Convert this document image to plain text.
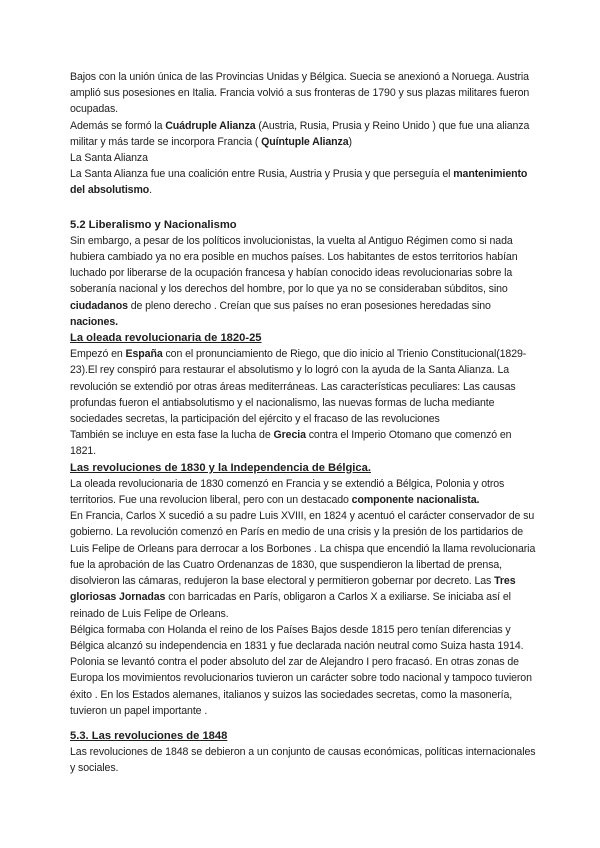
Bajos con la unión única de las Provincias Unidas y Bélgica. Suecia se anexionó a Noruega. Austria amplió sus posesiones en Italia. Francia volvió a sus fronteras de 1790 y sus plazas militares fueron ocupadas.

Además se formó la Cuádruple Alianza (Austria, Rusia, Prusia y Reino Unido ) que fue una alianza militar y más tarde se incorpora Francia ( Quíntuple Alianza)

La Santa Alianza

La Santa Alianza fue una coalición entre Rusia, Austria y Prusia y que perseguía el mantenimiento del absolutismo.

5.2 Liberalismo y Nacionalismo

Sin embargo, a pesar de los políticos involucionistas, la vuelta al Antiguo Régimen como si nada hubiera cambiado ya no era posible en muchos países. Los habitantes de estos territorios habían luchado por liberarse de la ocupación francesa y habían conocido ideas revolucionarias sobre la soberanía nacional y los derechos del hombre, por lo que ya no se consideraban súbditos, sino ciudadanos de pleno derecho . Creían que sus países no eran posesiones heredadas sino naciones.

La oleada revolucionaria de 1820-25

Empezó en España con el pronunciamiento de Riego, que dio inicio al Trienio Constitucional(1829-23).El rey conspiró para restaurar el absolutismo y lo logró con la ayuda de la Santa Alianza. La revolución se extendió por otras áreas mediterráneas. Las características peculiares: Las causas profundas fueron el antiabsolutismo y el nacionalismo, las nuevas formas de lucha mediante sociedades secretas, la participación del ejército y el fracaso de las revoluciones

También se incluye en esta fase la lucha de Grecia contra el Imperio Otomano que comenzó en 1821.

Las revoluciones de 1830 y la Independencia de Bélgica.

La oleada revolucionaria de 1830 comenzó en Francia y se extendió a Bélgica, Polonia y otros territorios. Fue una revolucion liberal, pero con un destacado componente nacionalista.

En Francia, Carlos X sucedió a su padre Luis XVIII, en 1824 y acentuó el carácter conservador de su gobierno. La revolución comenzó en París en medio de una crisis y la presión de los partidarios de Luis Felipe de Orleans para derrocar a los Borbones . La chispa que encendió la llama revolucionaria fue la aprobación de las Cuatro Ordenanzas de 1830, que suspendieron la libertad de prensa, disolvieron las cámaras, redujeron la base electoral y permitieron gobernar por decreto. Las Tres gloriosas Jornadas con barricadas en París, obligaron a Carlos X a exiliarse. Se iniciaba así el reinado de Luis Felipe de Orleans.

Bélgica formaba con Holanda el reino de los Países Bajos desde 1815 pero tenían diferencias y Bélgica alcanzó su independencia en 1831 y fue declarada nación neutral como Suiza hasta 1914. Polonia se levantó contra el poder absoluto del zar de Alejandro I pero fracasó. En otras zonas de Europa los movimientos revolucionarios tuvieron un carácter sobre todo nacional y tampoco tuvieron éxito . En los Estados alemanes, italianos y suizos las sociedades secretas, como la masonería, tuvieron un papel importante .

5.3. Las revoluciones de 1848

Las revoluciones de 1848 se debieron a un conjunto de causas económicas, políticas internacionales y sociales.
